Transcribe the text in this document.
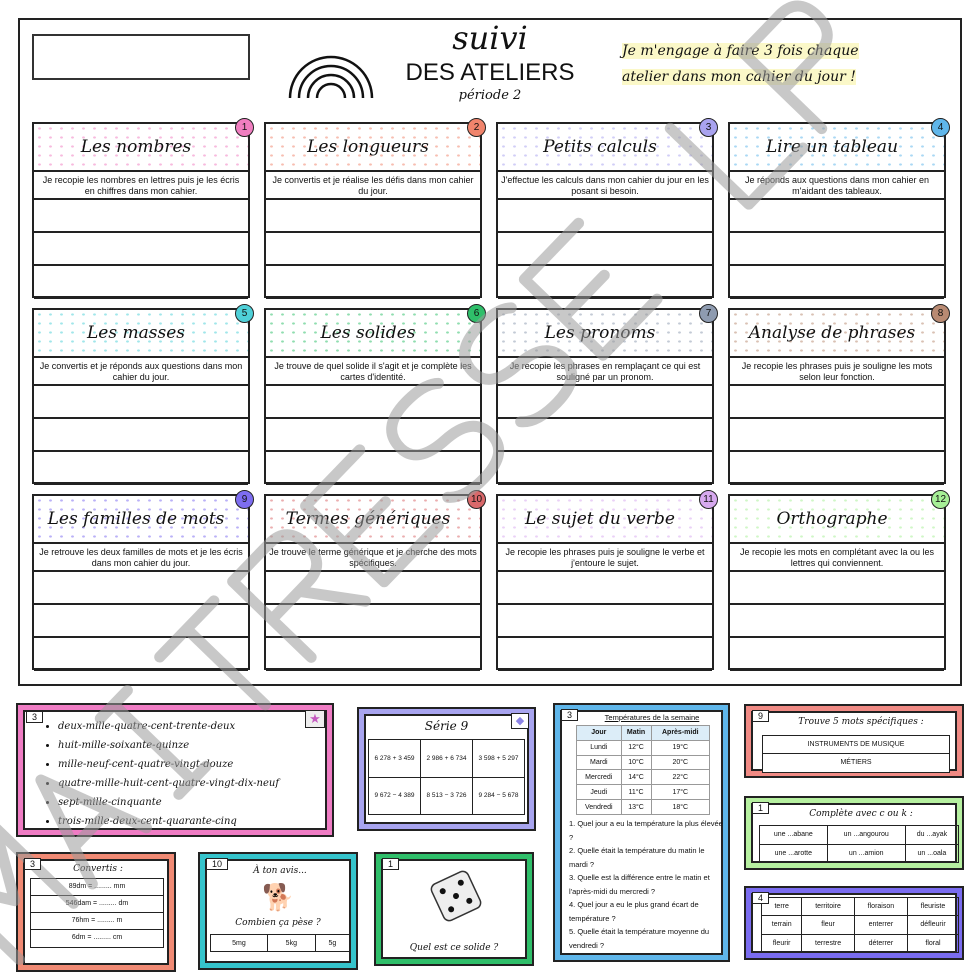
suivi
DES ATELIERS
période 2
Je m'engage à faire 3 fois chaque
atelier dans mon cahier du jour !
Les nombres
Je recopie les nombres en lettres puis je les écris en chiffres dans mon cahier.
1
Les longueurs
Je convertis et je réalise les défis dans mon cahier du jour.
2
Petits calculs
J'effectue les calculs dans mon cahier du jour en les posant si besoin.
3
Lire un tableau
Je réponds aux questions dans mon cahier en m'aidant des tableaux.
4
Les masses
Je convertis et je réponds aux questions dans mon cahier du jour.
5
Les solides
Je trouve de quel solide il s'agit et je complète les cartes d'identité.
6
Les pronoms
Je recopie les phrases en remplaçant ce qui est souligné par un pronom.
7
Analyse de phrases
Je recopie les phrases puis je souligne les mots selon leur fonction.
8
Les familles de mots
Je retrouve les deux familles de mots et je les écris dans mon cahier du jour.
9
Termes génériques
Je trouve le terme générique et je cherche des mots spécifiques.
10
Le sujet du verbe
Je recopie les phrases puis je souligne le verbe et j'entoure le sujet.
11
Orthographe
Je recopie les mots en complétant avec la ou les lettres qui conviennent.
12
3	★
• deux-mille-quatre-cent-trente-deux
• huit-mille-soixante-quinze
• mille-neuf-cent-quatre-vingt-douze
• quatre-mille-huit-cent-quatre-vingt-dix-neuf
• sept-mille-cinquante
• trois-mille-deux-cent-quarante-cinq
◆
Série 9
6 278 + 3 459	2 986 + 6 734	3 598 + 5 297
9 672 − 4 389	8 513 − 3 726	9 284 − 5 678
3	Températures de la semaine
Jour	Matin	Après-midi
Lundi	12°C	19°C
Mardi	10°C	20°C
Mercredi	14°C	22°C
Jeudi	11°C	17°C
Vendredi	13°C	18°C
1. Quel jour a eu la température la plus élevée ?
2. Quelle était la température du matin le mardi ?
3. Quelle est la différence entre le matin et l'après-midi du mercredi ?
4. Quel jour a eu le plus grand écart de température ?
5. Quelle était la température moyenne du vendredi ?
9
Trouve 5 mots spécifiques :
INSTRUMENTS DE MUSIQUE
MÉTIERS
1
Complète avec c ou k :
une ...abane	un ...angourou	du ...ayak
une ...arotte	un ...amion	un ...oala
4
terre	territoire	floraison	fleuriste
terrain	fleur	enterrer	défleurir
fleurir	terrestre	déterrer	floral
3	Convertis :
89dm = ......... mm
546dam = ......... dm
76hm = ......... m
6dm = ......... cm
10
À ton avis...
🐕
Combien ça pèse ?
5mg	5kg	5g
1
Quel est ce solide ?
